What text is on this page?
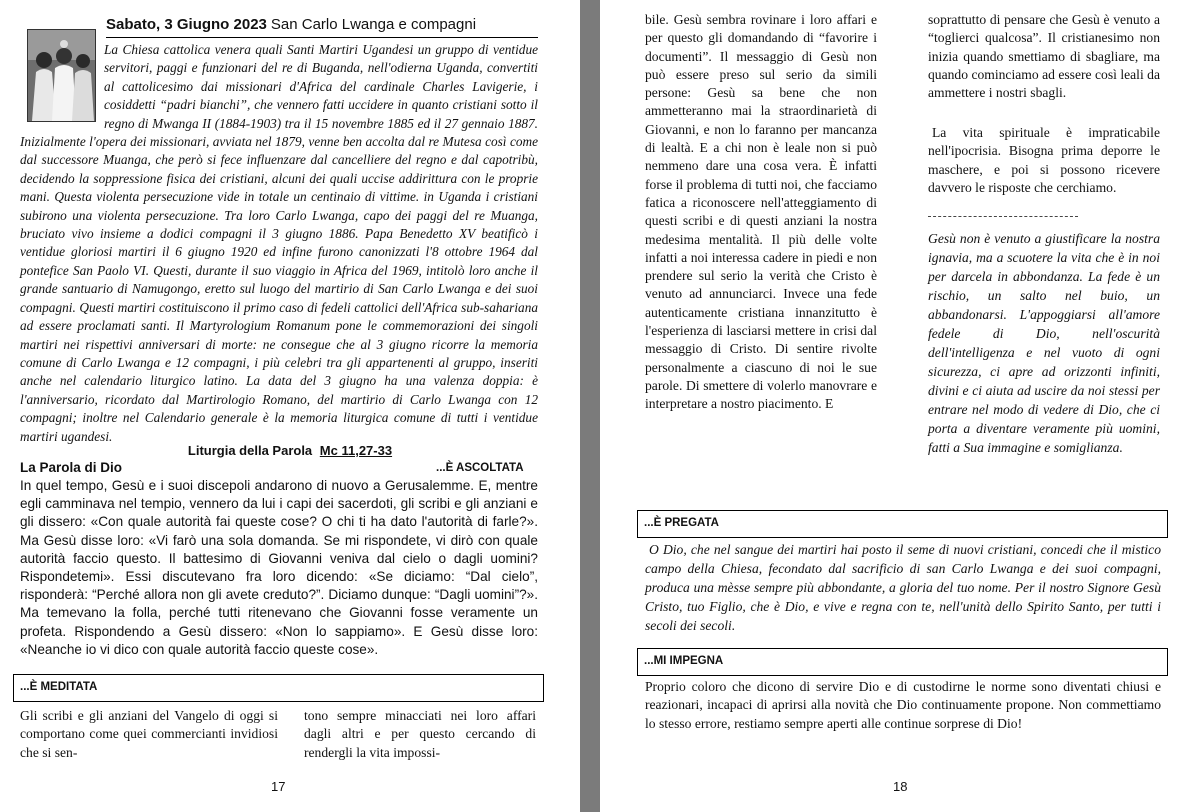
Sabato, 3 Giugno 2023 San Carlo Lwanga e compagni

La Chiesa cattolica venera quali Santi Martiri Ugandesi un gruppo di ventidue servitori, paggi e funzionari del re di Buganda, nell'odierna Uganda, convertiti al cattolicesimo dai missionari d'Africa del cardinale Charles Lavigerie, i cosiddetti “padri bianchi”, che vennero fatti uccidere in quanto cristiani sotto il regno di Mwanga II (1884-1903) tra il 15 novembre 1885 ed il 27 gennaio 1887. Inizialmente l'opera dei missionari, avviata nel 1879, venne ben accolta dal re Mutesa così come dal successore Muanga, che però si fece influenzare dal cancelliere del regno e dal capotribù, decidendo la soppressione fisica dei cristiani, alcuni dei quali uccise addirittura con le proprie mani. Questa violenta persecuzione vide in totale un centinaio di vittime. in Uganda i cristiani subirono una violenta persecuzione. Tra loro Carlo Lwanga, capo dei paggi del re Muanga, bruciato vivo insieme a dodici compagni il 3 giugno 1886. Papa Benedetto XV beatificò i ventidue gloriosi martiri il 6 giugno 1920 ed infine furono canonizzati l'8 ottobre 1964 dal pontefice San Paolo VI. Questi, durante il suo viaggio in Africa del 1969, intitolò loro anche il grande santuario di Namugongo, eretto sul luogo del martirio di San Carlo Lwanga e dei suoi compagni. Questi martiri costituiscono il primo caso di fedeli cattolici dell'Africa sub-sahariana ad essere proclamati santi. Il Martyrologium Romanum pone le commemorazioni dei singoli martiri nei rispettivi anniversari di morte: ne consegue che al 3 giugno ricorre la memoria comune di Carlo Lwanga e 12 compagni, i più celebri tra gli appartenenti al gruppo, inseriti anche nel calendario liturgico latino. La data del 3 giugno ha una valenza doppia: è l'anniversario, ricordato dal Martirologio Romano, del martirio di Carlo Lwanga con 12 compagni; inoltre nel Calendario generale è la memoria liturgica comune di tutti i ventidue martiri ugandesi.

Liturgia della Parola Mc 11,27-33
La Parola di Dio	...È ASCOLTATA

In quel tempo, Gesù e i suoi discepoli andarono di nuovo a Gerusalemme. E, mentre egli camminava nel tempio, vennero da lui i capi dei sacerdoti, gli scribi e gli anziani e gli dissero: «Con quale autorità fai queste cose? O chi ti ha dato l'autorità di farle?». Ma Gesù disse loro: «Vi farò una sola domanda. Se mi rispondete, vi dirò con quale autorità faccio questo. Il battesimo di Giovanni veniva dal cielo o dagli uomini? Rispondetemi». Essi discutevano fra loro dicendo: «Se diciamo: “Dal cielo”, risponderà: “Perché allora non gli avete creduto?”. Diciamo dunque: “Dagli uomini”?». Ma temevano la folla, perché tutti ritenevano che Giovanni fosse veramente un profeta. Rispondendo a Gesù dissero: «Non lo sappiamo». E Gesù disse loro: «Neanche io vi dico con quale autorità faccio queste cose».

...È MEDITATA

Gli scribi e gli anziani del Vangelo di oggi si comportano come quei commercianti invidiosi che si sen-

tono sempre minacciati nei loro affari dagli altri e per questo cercando di rendergli la vita impossi-

17

bile. Gesù sembra rovinare i loro affari e per questo gli domandando di “favorire i documenti”. Il messaggio di Gesù non può essere preso sul serio da simili persone: Gesù sa bene che non ammetteranno mai la straordinarietà di Giovanni, e non lo faranno per mancanza di lealtà. E a chi non è leale non si può nemmeno dare una cosa vera. È infatti forse il problema di tutti noi, che facciamo fatica a riconoscere nell'atteggiamento di questi scribi e di questi anziani la nostra medesima mentalità. Il più delle volte infatti a noi interessa cadere in piedi e non prendere sul serio la verità che Cristo è venuto ad annunciarci. Invece una fede autenticamente cristiana innanzitutto è l'esperienza di lasciarsi mettere in crisi dal messaggio di Cristo. Di sentire rivolte personalmente a ciascuno di noi le sue parole. Di smettere di volerlo manovrare e interpretare a nostro piacimento. E

soprattutto di pensare che Gesù è venuto a “toglierci qualcosa”. Il cristianesimo non inizia quando smettiamo di sbagliare, ma quando cominciamo ad essere così leali da ammettere i nostri sbagli.

La vita spirituale è impraticabile nell'ipocrisia. Bisogna prima deporre le maschere, e poi si possono ricevere davvero le risposte che cerchiamo.

Gesù non è venuto a giustificare la nostra ignavia, ma a scuotere la vita che è in noi per darcela in abbondanza. La fede è un rischio, un salto nel buio, un abbandonarsi. L'appoggiarsi all'amore fedele di Dio, nell'oscurità dell'intelligenza e nel vuoto di ogni sicurezza, ci apre ad orizzonti infiniti, divini e ci aiuta ad uscire da noi stessi per entrare nel modo di vedere di Dio, che ci porta a diventare veramente più uomini, fatti a Sua immagine e somiglianza.

...È PREGATA

O Dio, che nel sangue dei martiri hai posto il seme di nuovi cristiani, concedi che il mistico campo della Chiesa, fecondato dal sacrificio di san Carlo Lwanga e dei suoi compagni, produca una mèsse sempre più abbondante, a gloria del tuo nome. Per il nostro Signore Gesù Cristo, tuo Figlio, che è Dio, e vive e regna con te, nell'unità dello Spirito Santo, per tutti i secoli dei secoli.

...MI IMPEGNA

Proprio coloro che dicono di servire Dio e di custodirne le norme sono diventati chiusi e reazionari, incapaci di aprirsi alla novità che Dio continuamente propone. Non commettiamo lo stesso errore, restiamo sempre aperti alle continue sorprese di Dio!

18
